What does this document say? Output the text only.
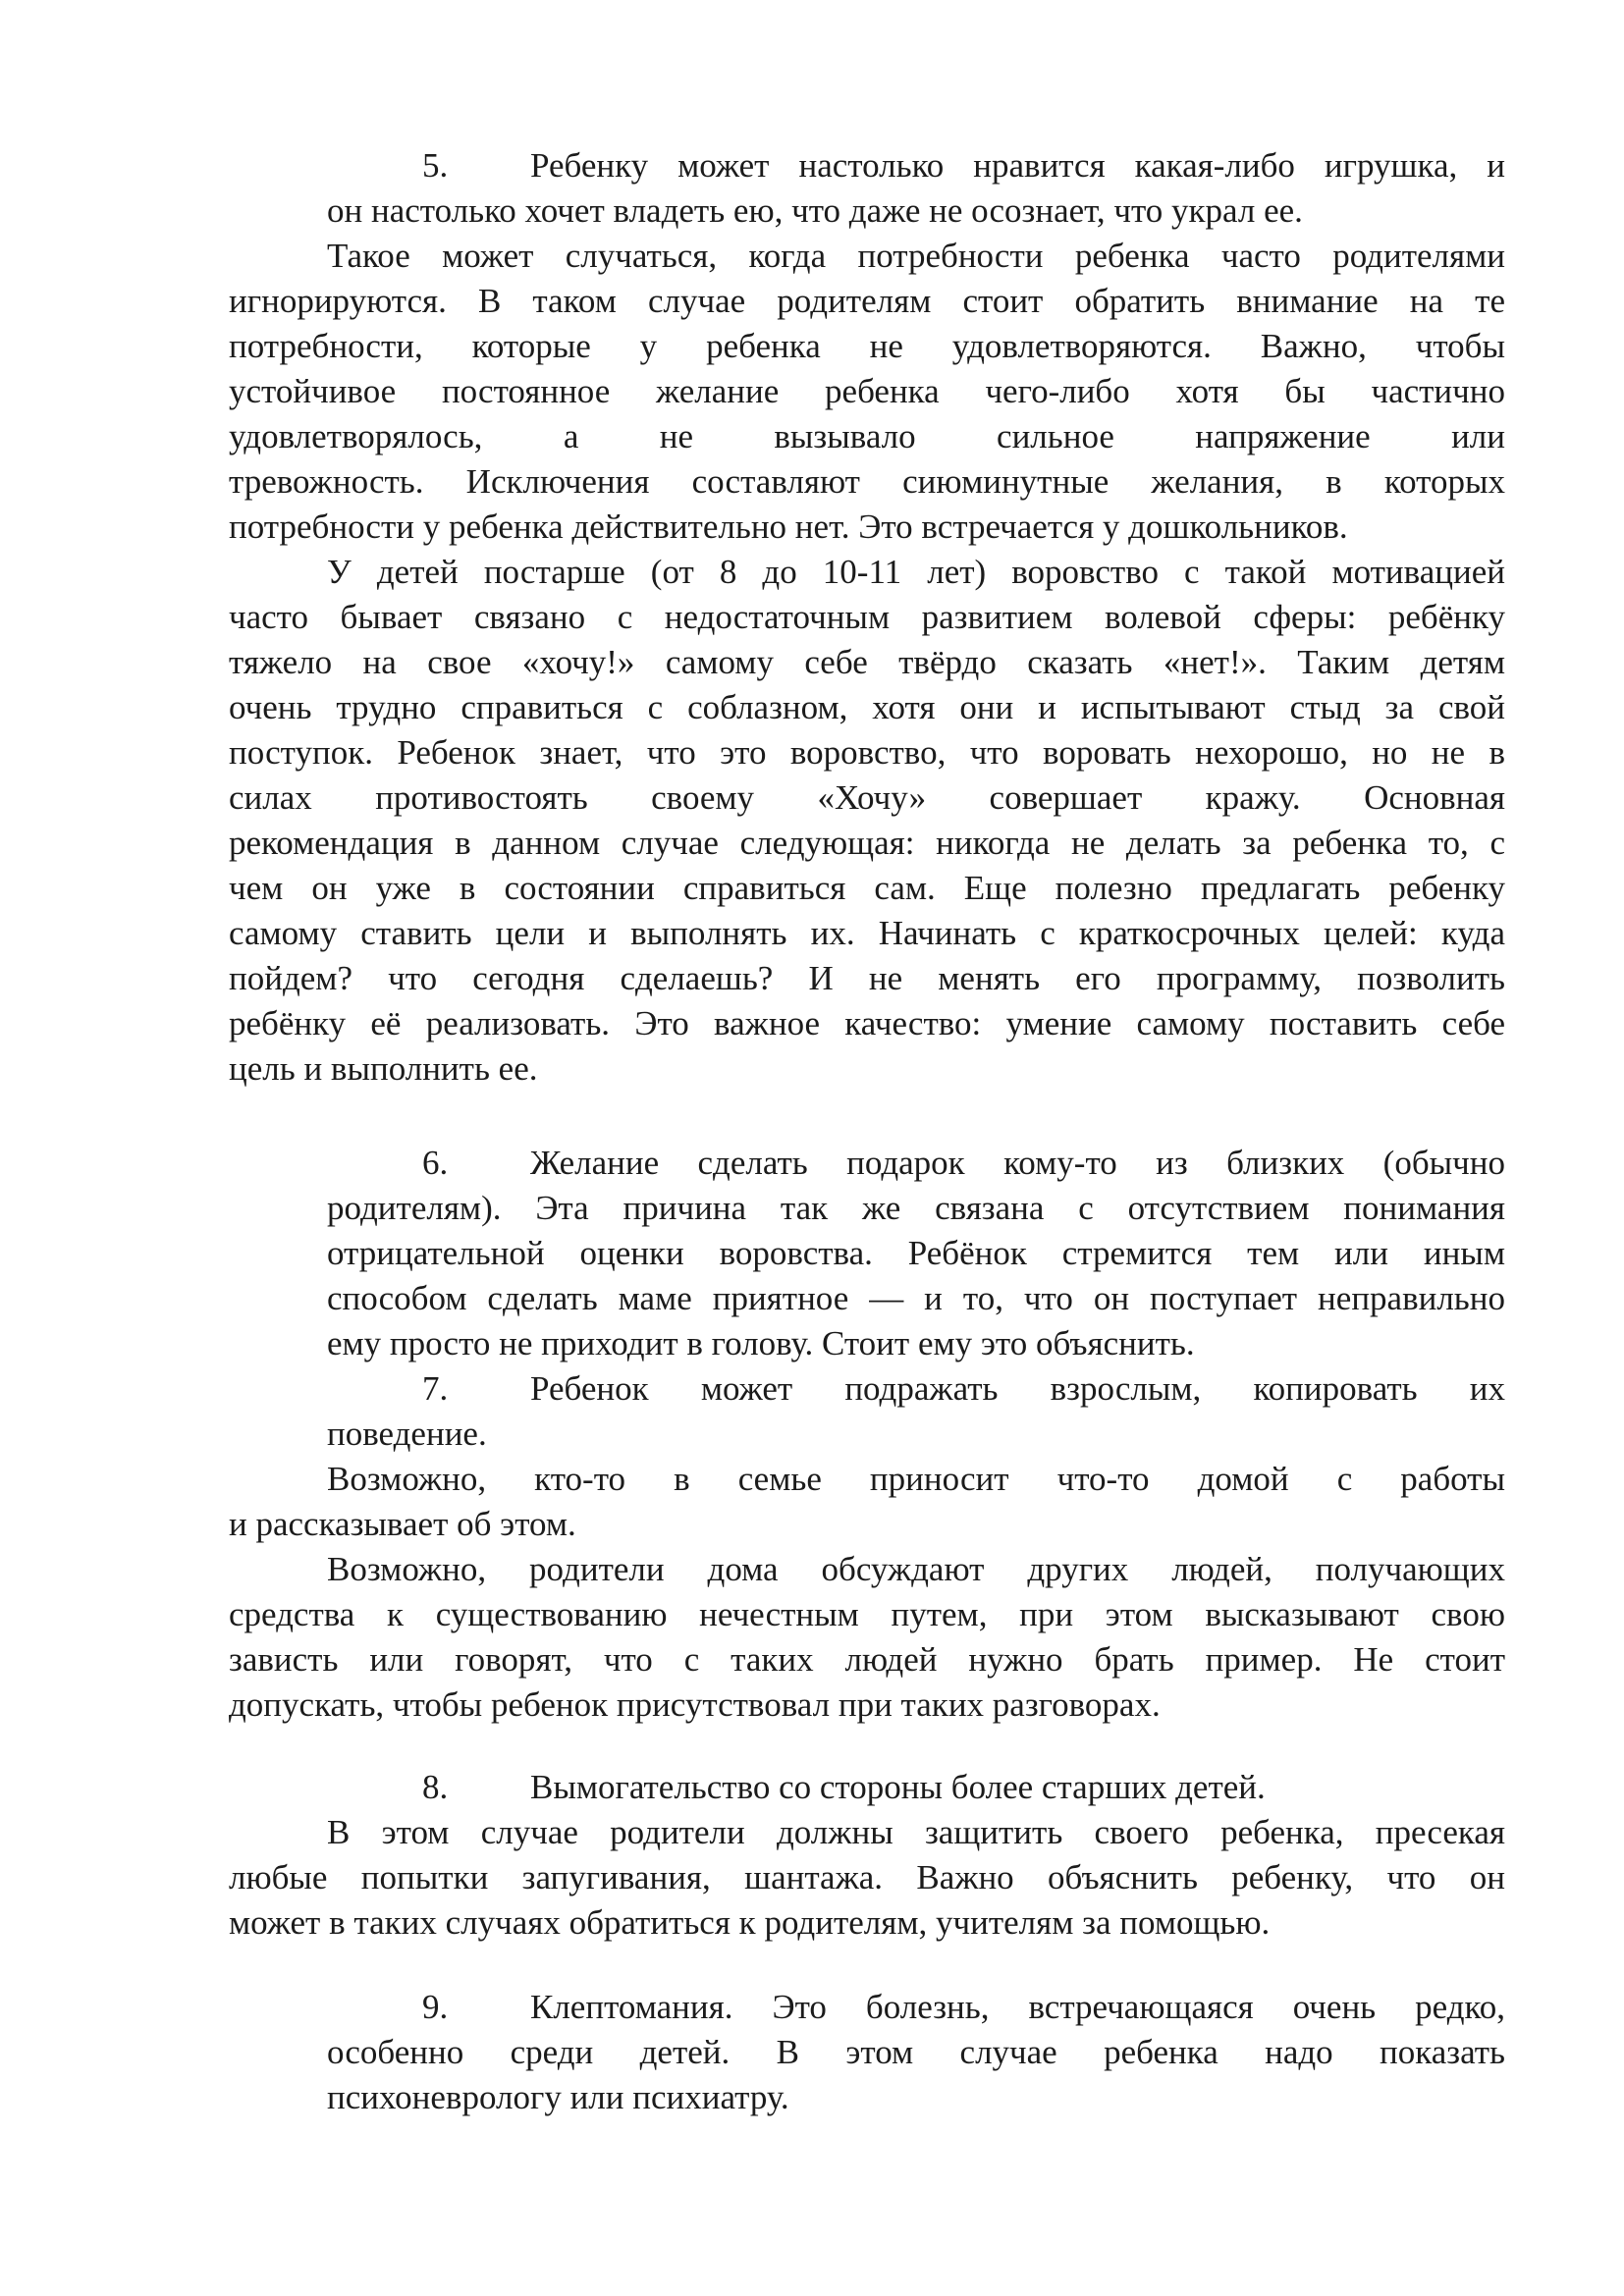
5. Ребенку может настолько нравится какая-либо игрушка, и
он настолько хочет владеть ею, что даже не осознает, что украл ее.
Такое может случаться, когда потребности ребенка часто родителями
игнорируются. В таком случае родителям стоит обратить внимание на те
потребности, которые у ребенка не удовлетворяются. Важно, чтобы
устойчивое постоянное желание ребенка чего-либо хотя бы частично
удовлетворялось, а не вызывало сильное напряжение или
тревожность. Исключения составляют сиюминутные желания, в которых
потребности у ребенка действительно нет. Это встречается у дошкольников.
У детей постарше (от 8 до 10-11 лет) воровство с такой мотивацией
часто бывает связано с недостаточным развитием волевой сферы: ребёнку
тяжело на свое «хочу!» самому себе твёрдо сказать «нет!». Таким детям
очень трудно справиться с соблазном, хотя они и испытывают стыд за свой
поступок. Ребенок знает, что это воровство, что воровать нехорошо, но не в
силах противостоять своему «Хочу» совершает кражу. Основная
рекомендация в данном случае следующая: никогда не делать за ребенка то, с
чем он уже в состоянии справиться сам. Еще полезно предлагать ребенку
самому ставить цели и выполнять их. Начинать с краткосрочных целей: куда
пойдем? что сегодня сделаешь? И не менять его программу, позволить
ребёнку её реализовать. Это важное качество: умение самому поставить себе
цель и выполнить ее.
6. Желание сделать подарок кому-то из близких (обычно
родителям). Эта причина так же связана с отсутствием понимания
отрицательной оценки воровства. Ребёнок стремится тем или иным
способом сделать маме приятное — и то, что он поступает неправильно
ему просто не приходит в голову. Стоит ему это объяснить.
7. Ребенок может подражать взрослым, копировать их
поведение.
Возможно, кто-то в семье приносит что-то домой с работы
и рассказывает об этом.
Возможно, родители дома обсуждают других людей, получающих
средства к существованию нечестным путем, при этом высказывают свою
зависть или говорят, что с таких людей нужно брать пример. Не стоит
допускать, чтобы ребенок присутствовал при таких разговорах.
8. Вымогательство со стороны более старших детей.
В этом случае родители должны защитить своего ребенка, пресекая
любые попытки запугивания, шантажа. Важно объяснить ребенку, что он
может в таких случаях обратиться к родителям, учителям за помощью.
9. Клептомания. Это болезнь, встречающаяся очень редко,
особенно среди детей. В этом случае ребенка надо показать
психоневрологу или психиатру.
